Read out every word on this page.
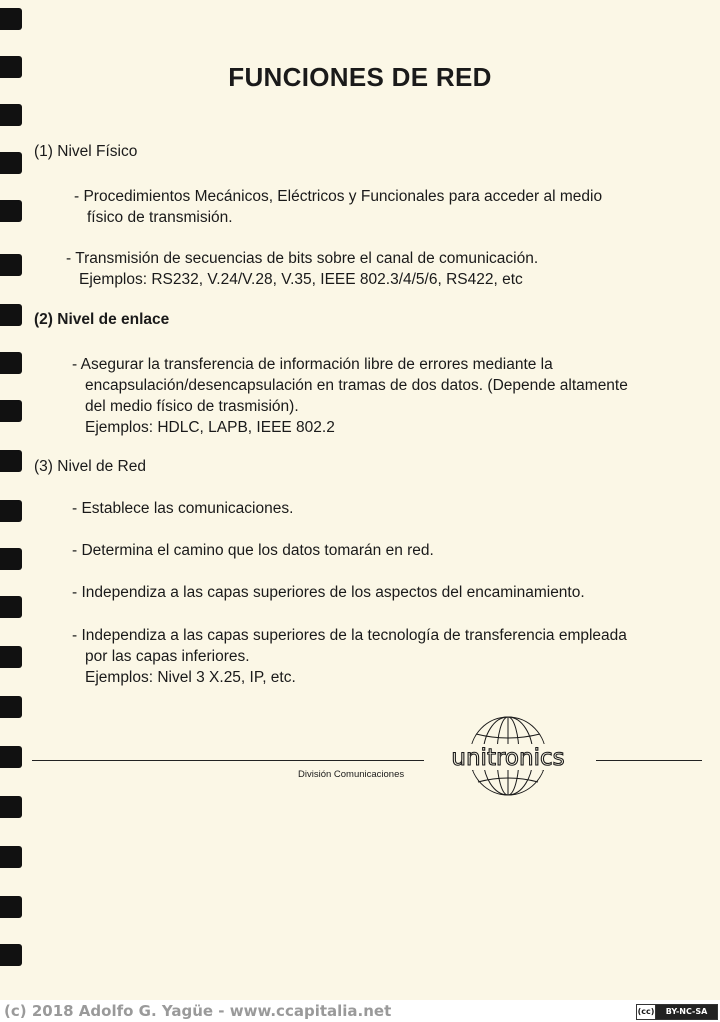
FUNCIONES DE RED

(1) Nivel Físico

- Procedimientos Mecánicos, Eléctricos y Funcionales para acceder al medio

físico de transmisión.

- Transmisión de secuencias de bits sobre el canal de comunicación.

Ejemplos: RS232, V.24/V.28, V.35, IEEE 802.3/4/5/6, RS422, etc

(2) Nivel de enlace

- Asegurar la transferencia de información libre de errores mediante la

encapsulación/desencapsulación en tramas de dos datos. (Depende altamente
del medio físico de trasmisión).
Ejemplos: HDLC, LAPB, IEEE 802.2

(3) Nivel de Red

- Establece las comunicaciones.

- Determina el camino que los datos tomarán en red.

- Independiza a las capas superiores de los aspectos del encaminamiento.

- Independiza a las capas superiores de la tecnología de transferencia empleada

por las capas inferiores.
Ejemplos: Nivel 3 X.25, IP, etc.

División Comunicaciones
unitronics
(c) 2018 Adolfo G. Yagüe - www.ccapitalia.net	(cc)	BY-NC-SA
